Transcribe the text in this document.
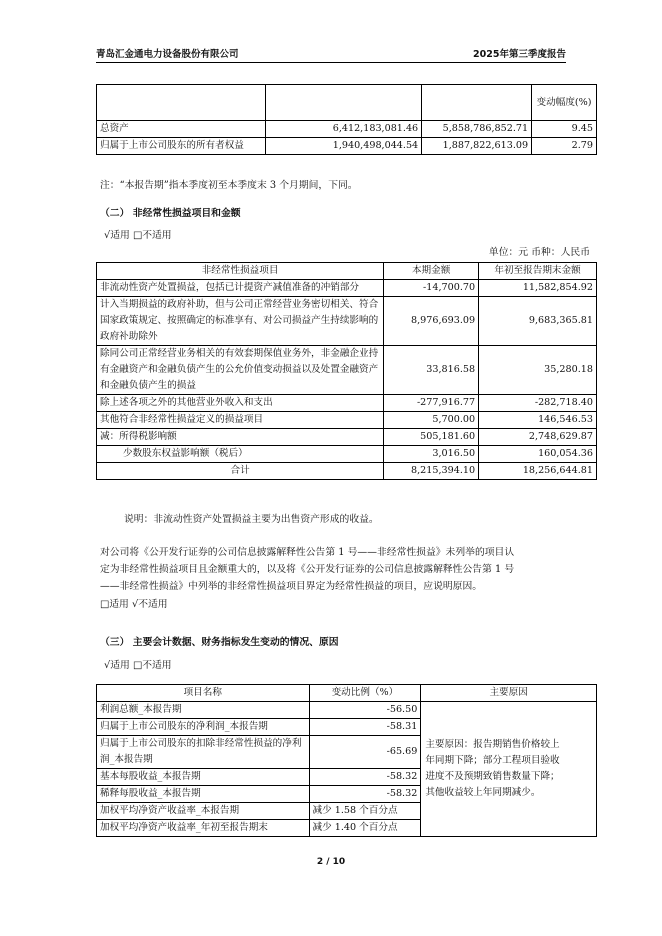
青岛汇金通电力设备股份有限公司	2025年第三季度报告
			变动幅度(%)
总资产	6,412,183,081.46	5,858,786,852.71	9.45
归属于上市公司股东的所有者权益	1,940,498,044.54	1,887,822,613.09	2.79
注：“本报告期”指本季度初至本季度末 3 个月期间，下同。
（二） 非经常性损益项目和金额
√适用 □不适用
单位：元 币种：人民币
非经常性损益项目	本期金额	年初至报告期末金额
非流动性资产处置损益，包括已计提资产减值准备的冲销部分	-14,700.70	11,582,854.92
计入当期损益的政府补助，但与公司正常经营业务密切相关、符合国家政策规定、按照确定的标准享有、对公司损益产生持续影响的政府补助除外	8,976,693.09	9,683,365.81
除同公司正常经营业务相关的有效套期保值业务外，非金融企业持有金融资产和金融负债产生的公允价值变动损益以及处置金融资产和金融负债产生的损益	33,816.58	35,280.18
除上述各项之外的其他营业外收入和支出	-277,916.77	-282,718.40
其他符合非经常性损益定义的损益项目	5,700.00	146,546.53
减：所得税影响额	505,181.60	2,748,629.87
少数股东权益影响额（税后）	3,016.50	160,054.36
合计	8,215,394.10	18,256,644.81
说明：非流动性资产处置损益主要为出售资产形成的收益。
对公司将《公开发行证券的公司信息披露解释性公告第 1 号——非经常性损益》未列举的项目认
定为非经常性损益项目且金额重大的，以及将《公开发行证券的公司信息披露解释性公告第 1 号
——非经常性损益》中列举的非经常性损益项目界定为经常性损益的项目，应说明原因。
□适用 √不适用
（三） 主要会计数据、财务指标发生变动的情况、原因
√适用 □不适用
项目名称	变动比例（%）	主要原因
利润总额_本报告期	-56.50	主要原因：报告期销售价格较上
年同期下降；部分工程项目验收
进度不及预期致销售数量下降；
其他收益较上年同期减少。

归属于上市公司股东的净利润_本报告期	-58.31	
归属于上市公司股东的扣除非经常性损益的净利润_本报告期	-65.69	
基本每股收益_本报告期	-58.32	
稀释每股收益_本报告期	-58.32	
加权平均净资产收益率_本报告期	减少 1.58 个百分点	
加权平均净资产收益率_年初至报告期末	减少 1.40 个百分点	
2 / 10
